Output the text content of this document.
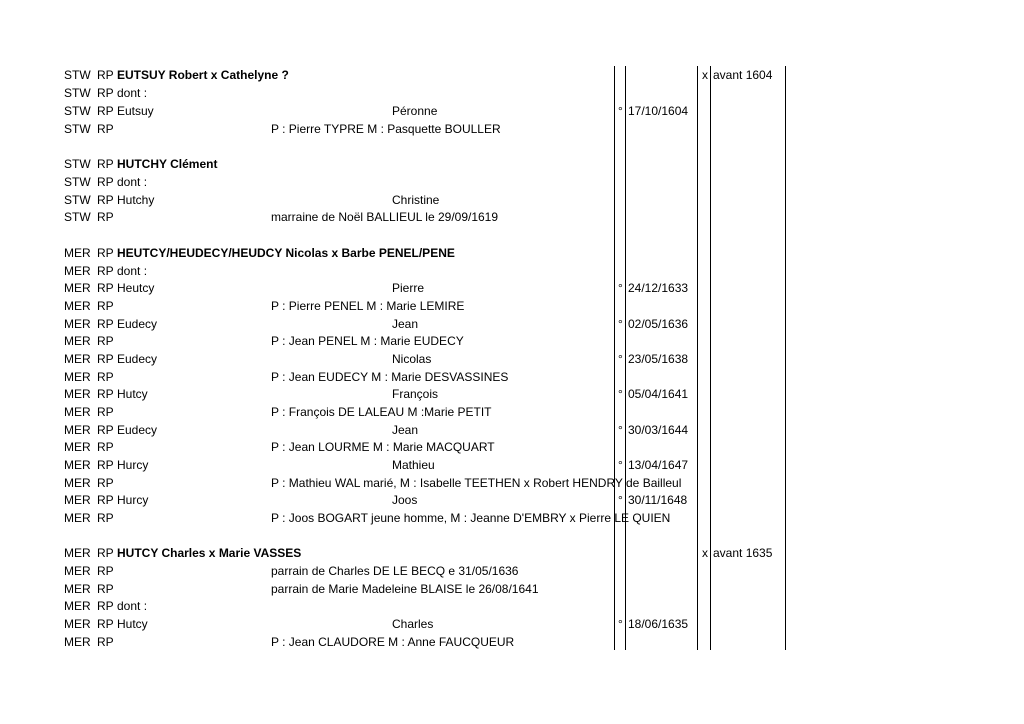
STW RP EUTSUY Robert x Cathelyne ?	x avant 1604
STW RP dont :
STW RP Eutsuy	Péronne	° 17/10/1604
STW RP	P : Pierre TYPRE M : Pasquette BOULLER
STW RP HUTCHY Clément
STW RP dont :
STW RP Hutchy	Christine
STW RP	marraine de Noël BALLIEUL le 29/09/1619
MER RP HEUTCY/HEUDECY/HEUDCY Nicolas x Barbe PENEL/PENE
MER RP dont :
MER RP Heutcy	Pierre	° 24/12/1633
MER RP	P : Pierre PENEL M : Marie LEMIRE
MER RP Eudecy	Jean	° 02/05/1636
MER RP	P : Jean PENEL M : Marie EUDECY
MER RP Eudecy	Nicolas	° 23/05/1638
MER RP	P : Jean EUDECY M : Marie DESVASSINES
MER RP Hutcy	François	° 05/04/1641
MER RP	P : François DE LALEAU M :Marie PETIT
MER RP Eudecy	Jean	° 30/03/1644
MER RP	P : Jean LOURME M : Marie MACQUART
MER RP Hurcy	Mathieu	° 13/04/1647
MER RP	P : Mathieu WAL marié, M : Isabelle TEETHEN x Robert HENDRY de Bailleul
MER RP Hurcy	Joos	° 30/11/1648
MER RP	P : Joos BOGART jeune homme, M : Jeanne D'EMBRY x Pierre LE QUIEN
MER RP HUTCY Charles x Marie VASSES	x avant 1635
MER RP	parrain de Charles DE LE BECQ e 31/05/1636
MER RP	parrain de Marie Madeleine BLAISE le 26/08/1641
MER RP dont :
MER RP Hutcy	Charles	° 18/06/1635
MER RP	P : Jean CLAUDORE M : Anne FAUCQUEUR
